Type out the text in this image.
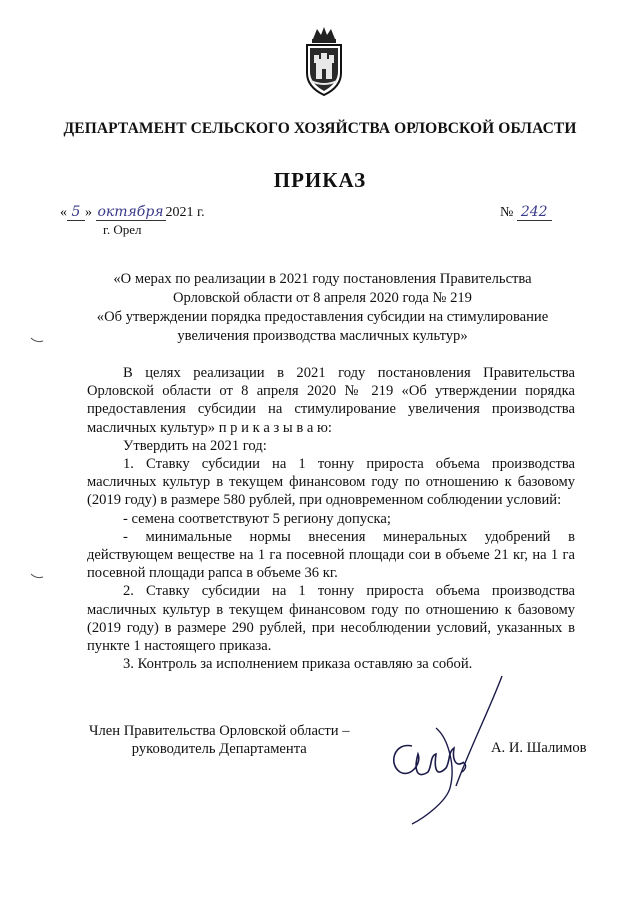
ДЕПАРТАМЕНТ СЕЛЬСКОГО ХОЗЯЙСТВА ОРЛОВСКОЙ ОБЛАСТИ
ПРИКАЗ
« 5 » октября 2021 г.
г. Орел
№ 242
«О мерах по реализации в 2021 году постановления Правительства
Орловской области от 8 апреля 2020 года № 219
«Об утверждении порядка предоставления субсидии на стимулирование
увеличения производства масличных культур»

В целях реализации в 2021 году постановления Правительства Орловской области от 8 апреля 2020 № 219 «Об утверждении порядка предоставления субсидии на стимулирование увеличения производства масличных культур» п р и к а з ы в а ю:

Утвердить на 2021 год:

1. Ставку субсидии на 1 тонну прироста объема производства масличных культур в текущем финансовом году по отношению к базовому (2019 году) в размере 580 рублей, при одновременном соблюдении условий:

- семена соответствуют 5 региону допуска;

- минимальные нормы внесения минеральных удобрений в действующем веществе на 1 га посевной площади сои в объеме 21 кг, на 1 га посевной площади рапса в объеме 36 кг.

2. Ставку субсидии на 1 тонну прироста объема производства масличных культур в текущем финансовом году по отношению к базовому (2019 году) в размере 290 рублей, при несоблюдении условий, указанных в пункте 1 настоящего приказа.

3. Контроль за исполнением приказа оставляю за собой.

Член Правительства Орловской области –
руководитель Департамента	А. И. Шалимов
